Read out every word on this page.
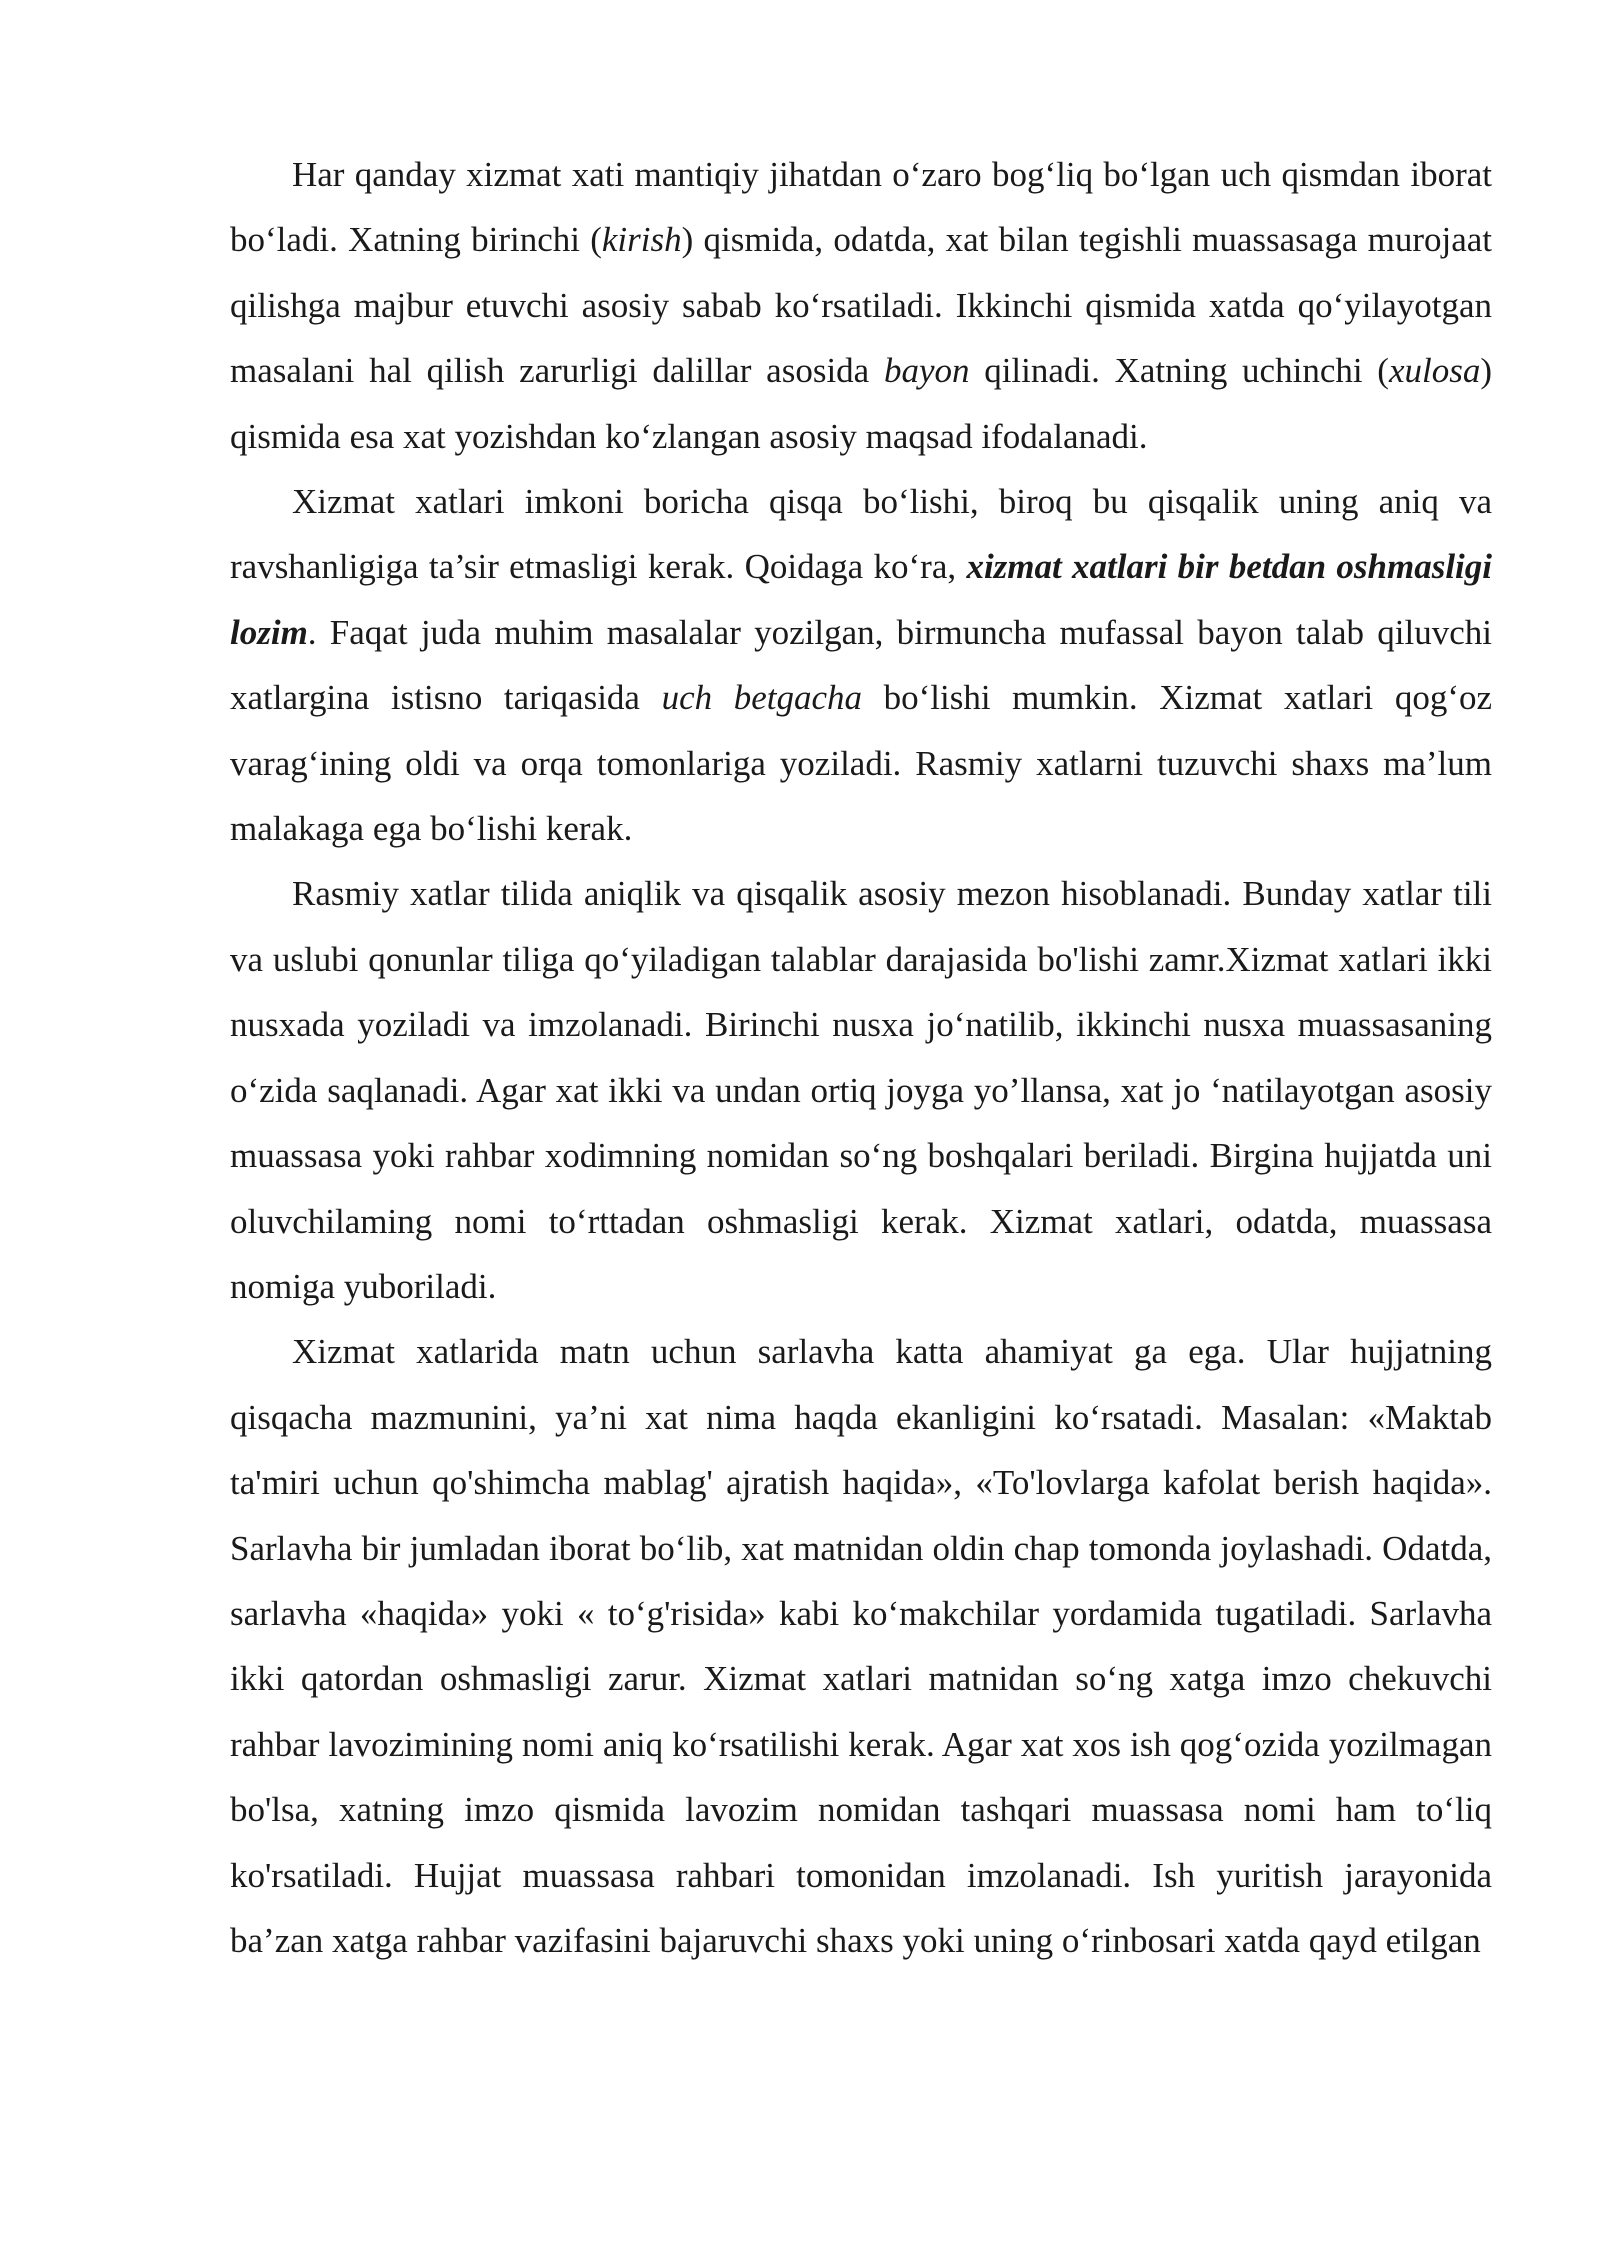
Har qanday xizmat xati mantiqiy jihatdan o‘zaro bog‘liq bo‘lgan uch qismdan iborat bo‘ladi. Xatning birinchi (kirish) qismida, odatda, xat bilan tegishli muassasaga murojaat qilishga majbur etuvchi asosiy sabab ko‘rsatiladi. Ikkinchi qismida xatda qo‘yilayotgan masalani hal qilish zarurligi dalillar asosida bayon qilinadi. Xatning uchinchi (xulosa) qismida esa xat yozishdan ko‘zlangan asosiy maqsad ifodalanadi.

Xizmat xatlari imkoni boricha qisqa bo‘lishi, biroq bu qisqalik uning aniq va ravshanligiga ta’sir etmasligi kerak. Qoidaga ko‘ra, xizmat xatlari bir betdan oshmasligi lozim. Faqat juda muhim masalalar yozilgan, birmuncha mufassal bayon talab qiluvchi xatlargina istisno tariqasida uch betgacha bo‘lishi mumkin. Xizmat xatlari qog‘oz varag‘ining oldi va orqa tomonlariga yoziladi. Rasmiy xatlarni tuzuvchi shaxs ma’lum malakaga ega bo‘lishi kerak.

Rasmiy xatlar tilida aniqlik va qisqalik asosiy mezon hisoblanadi. Bunday xatlar tili va uslubi qonunlar tiliga qo‘yiladigan talablar darajasida bo'lishi zamr.Xizmat xatlari ikki nusxada yoziladi va imzolanadi. Birinchi nusxa jo‘natilib, ikkinchi nusxa muassasaning o‘zida saqlanadi. Agar xat ikki va undan ortiq joyga yo’llansa, xat jo ‘natilayotgan asosiy muassasa yoki rahbar xodimning nomidan so‘ng boshqalari beriladi. Birgina hujjatda uni oluvchilaming nomi to‘rttadan oshmasligi kerak. Xizmat xatlari, odatda, muassasa nomiga yuboriladi.

Xizmat xatlarida matn uchun sarlavha katta ahamiyat ga ega. Ular hujjatning qisqacha mazmunini, ya’ni xat nima haqda ekanligini ko‘rsatadi. Masalan: «Maktab ta'miri uchun qo'shimcha mablag' ajratish haqida», «To'lovlarga kafolat berish haqida». Sarlavha bir jumladan iborat bo‘lib, xat matnidan oldin chap tomonda joylashadi. Odatda, sarlavha «haqida» yoki « to‘g'risida» kabi ko‘makchilar yordamida tugatiladi. Sarlavha ikki qatordan oshmasligi zarur. Xizmat xatlari matnidan so‘ng xatga imzo chekuvchi rahbar lavozimining nomi aniq ko‘rsatilishi kerak. Agar xat xos ish qog‘ozida yozilmagan bo'lsa, xatning imzo qismida lavozim nomidan tashqari muassasa nomi ham to‘liq ko'rsatiladi. Hujjat muassasa rahbari tomonidan imzolanadi. Ish yuritish jarayonida ba’zan xatga rahbar vazifasini bajaruvchi shaxs yoki uning o‘rinbosari xatda qayd etilgan
